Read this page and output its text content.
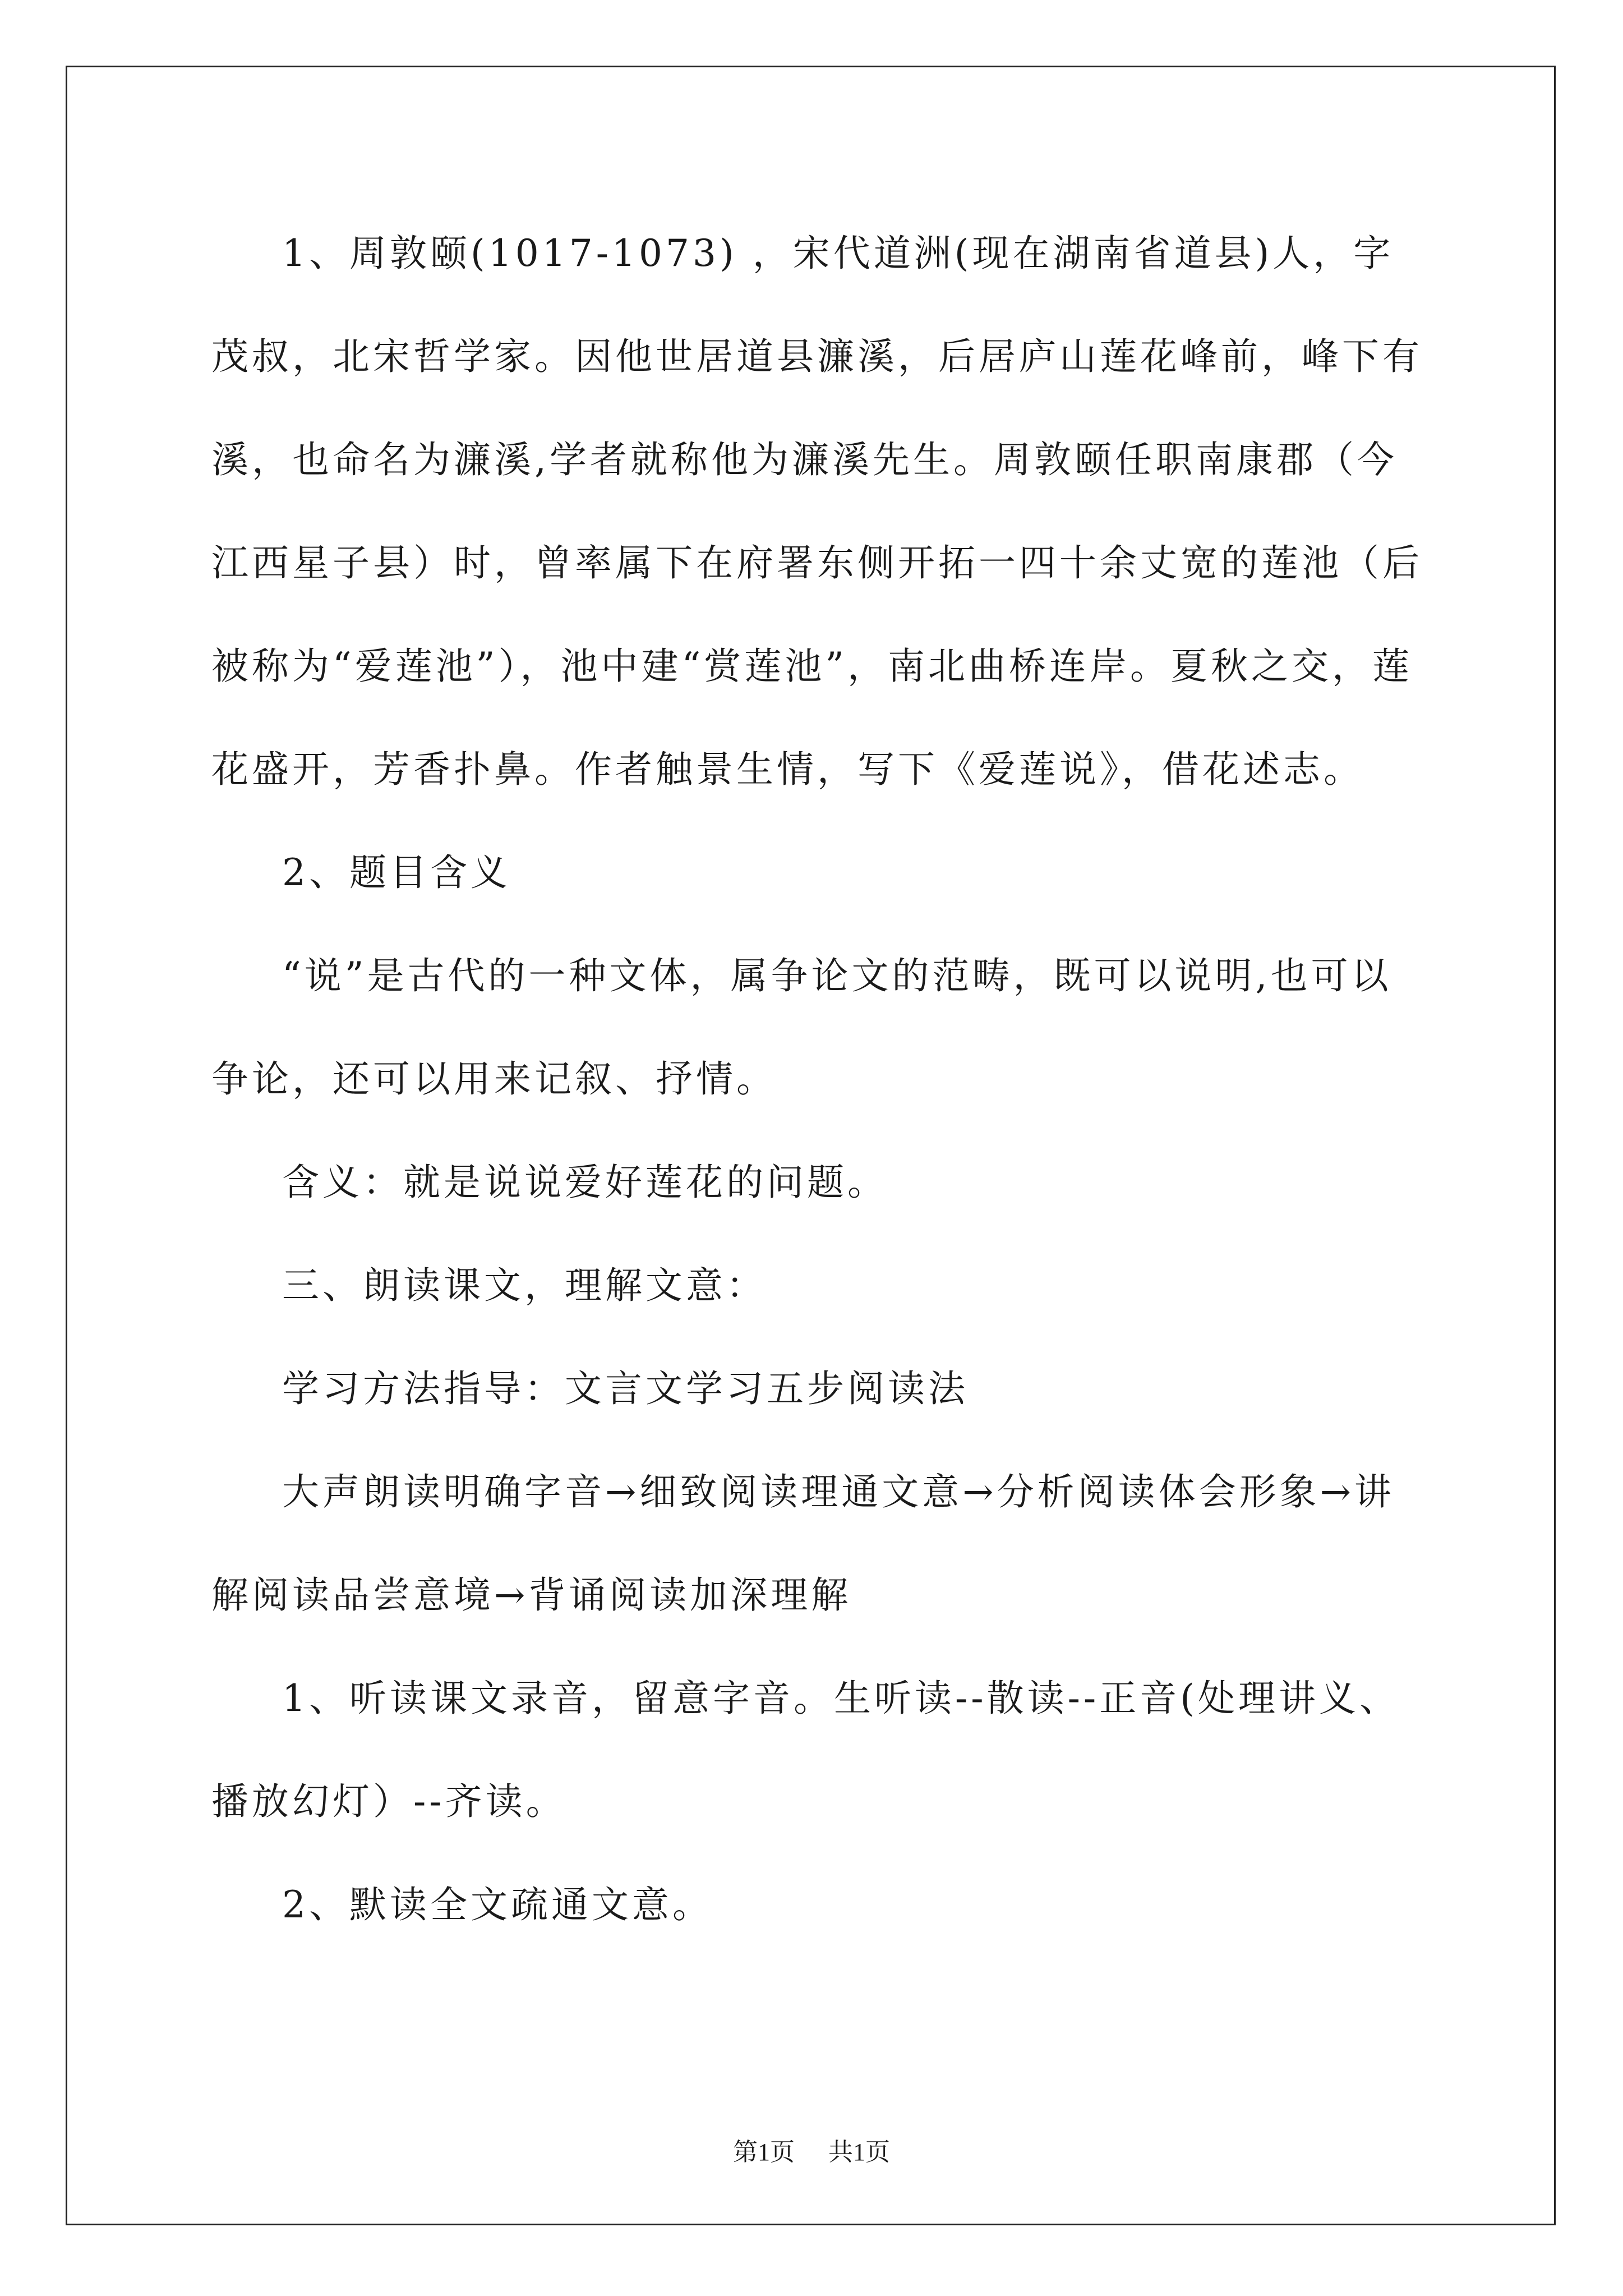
1、周敦颐(1017-1073) ，宋代道洲(现在湖南省道县)人，字茂叔，北宋哲学家。因他世居道县濂溪，后居庐山莲花峰前，峰下有溪，也命名为濂溪,学者就称他为濂溪先生。周敦颐任职南康郡（今江西星子县）时，曾率属下在府署东侧开拓一四十余丈宽的莲池（后被称为“爱莲池”），池中建“赏莲池”，南北曲桥连岸。夏秋之交，莲花盛开，芳香扑鼻。作者触景生情，写下《爱莲说》，借花述志。

2、题目含义

“说”是古代的一种文体，属争论文的范畴，既可以说明,也可以争论，还可以用来记叙、抒情。

含义：就是说说爱好莲花的问题。

三、朗读课文，理解文意：

学习方法指导：文言文学习五步阅读法

大声朗读明确字音→细致阅读理通文意→分析阅读体会形象→讲解阅读品尝意境→背诵阅读加深理解

1、听读课文录音，留意字音。生听读--散读--正音(处理讲义、播放幻灯）--齐读。

2、默读全文疏通文意。

第1页 共1页
